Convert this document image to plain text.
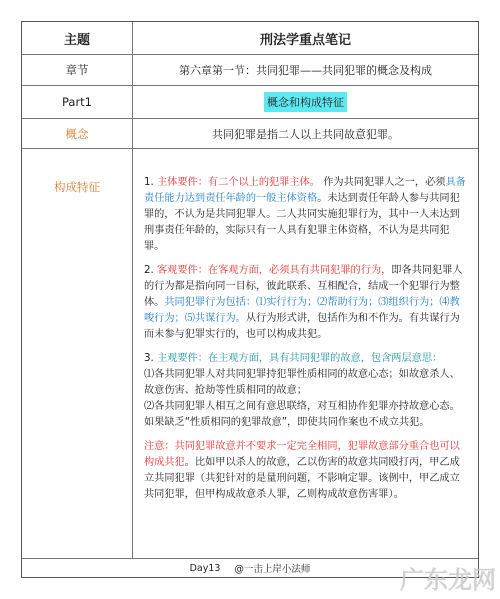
主题	刑法学重点笔记
章节	第六章第一节：共同犯罪——共同犯罪的概念及构成
Part1	概念和构成特征
概念	共同犯罪是指二人以上共同故意犯罪。
构成特征	1. 主体要件：有二个以上的犯罪主体。 作为共同犯罪人之一，必须具备责任能力达到责任年龄的一般主体资格。未达到责任年龄人参与共同犯罪的，不认为是共同犯罪人。二人共同实施犯罪行为，其中一人未达到刑事责任年龄的，实际只有一人具有犯罪主体资格，不认为是共同犯罪。

2. 客观要件：在客观方面，必须具有共同犯罪的行为，即各共同犯罪人的行为都是指向同一目标，彼此联系、互相配合，结成一个犯罪行为整体。共同犯罪行为包括：⑴实行行为；⑵帮助行为；⑶组织行为；⑷教唆行为；⑸共谋行为。从行为形式讲，包括作为和不作为。有共谋行为而未参与犯罪实行的，也可以构成共犯。

3. 主观要件：在主观方面，具有共同犯罪的故意，包含两层意思：
⑴各共同犯罪人对共同犯罪持犯罪性质相同的故意心态；如故意杀人、故意伤害、抢劫等性质相同的故意；
⑵各共同犯罪人相互之间有意思联络，对互相协作犯罪亦持故意心态。如果缺乏“性质相同的犯罪故意”，即使共同作案也不成立共犯。

注意：共同犯罪故意并不要求一定完全相同，犯罪故意部分重合也可以构成共犯。比如甲以杀人的故意，乙以伤害的故意共同殴打丙，甲乙成立共同犯罪（共犯针对的是量刑问题，不影响定罪。该例中，甲乙成立共同犯罪，但甲构成故意杀人罪，乙则构成故意伤害罪）。

Day13 @一击上岸小法师	广东龙网
